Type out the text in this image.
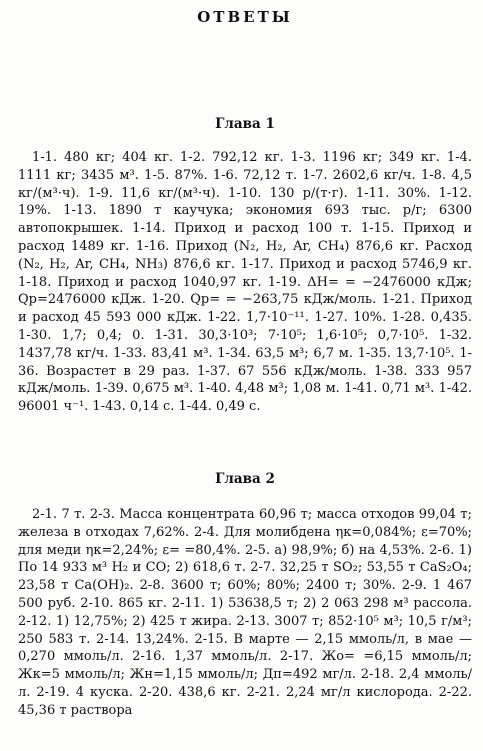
ОТВЕТЫ
Глава 1

1-1. 480 кг; 404 кг. 1-2. 792,12 кг. 1-3. 1196 кг; 349 кг. 1-4. 1111 кг; 3435 м³. 1-5. 87%. 1-6. 72,12 т. 1-7. 2602,6 кг/ч. 1-8. 4,5 кг/(м³·ч). 1-9. 11,6 кг/(м³·ч). 1-10. 130 р/(т·г). 1-11. 30%. 1-12. 19%. 1-13. 1890 т каучука; экономия 693 тыс. р/г; 6300 автопокрышек. 1-14. Приход и расход 100 т. 1-15. Приход и расход 1489 кг. 1-16. Приход (N₂, H₂, Ar, CH₄) 876,6 кг. Расход (N₂, H₂, Ar, CH₄, NH₃) 876,6 кг. 1-17. Приход и расход 5746,9 кг. 1-18. Приход и расход 1040,97 кг. 1-19. ΔH= = −2476000 кДж; Qp=2476000 кДж. 1-20. Qp= = −263,75 кДж/моль. 1-21. Приход и расход 45 593 000 кДж. 1-22. 1,7·10⁻¹¹. 1-27. 10%. 1-28. 0,435. 1-30. 1,7; 0,4; 0. 1-31. 30,3·10³; 7·10⁵; 1,6·10⁵; 0,7·10⁵. 1-32. 1437,78 кг/ч. 1-33. 83,41 м³. 1-34. 63,5 м³; 6,7 м. 1-35. 13,7·10⁵. 1-36. Возрастет в 29 раз. 1-37. 67 556 кДж/моль. 1-38. 333 957 кДж/моль. 1-39. 0,675 м³. 1-40. 4,48 м³; 1,08 м. 1-41. 0,71 м³. 1-42. 96001 ч⁻¹. 1-43. 0,14 с. 1-44. 0,49 с.

Глава 2

2-1. 7 т. 2-3. Масса концентрата 60,96 т; масса отходов 99,04 т; железа в отходах 7,62%. 2-4. Для молибдена ηк=0,084%; ε=70%; для меди ηк=2,24%; ε= =80,4%. 2-5. а) 98,9%; б) на 4,53%. 2-6. 1) По 14 933 м³ H₂ и CO; 2) 618,6 т. 2-7. 32,25 т SO₂; 53,55 т CaS₂O₄; 23,58 т Ca(OH)₂. 2-8. 3600 т; 60%; 80%; 2400 т; 30%. 2-9. 1 467 500 руб. 2-10. 865 кг. 2-11. 1) 53638,5 т; 2) 2 063 298 м³ рассола. 2-12. 1) 12,75%; 2) 425 т жира. 2-13. 3007 т; 852·10⁵ м³; 10,5 г/м³; 250 583 т. 2-14. 13,24%. 2-15. В марте — 2,15 ммоль/л, в мае — 0,270 ммоль/л. 2-16. 1,37 ммоль/л. 2-17. Жо= =6,15 ммоль/л; Жк=5 ммоль/л; Жн=1,15 ммоль/л; Дп=492 мг/л. 2-18. 2,4 ммоль/л. 2-19. 4 куска. 2-20. 438,6 кг. 2-21. 2,24 мг/л кислорода. 2-22. 45,36 т раствора
